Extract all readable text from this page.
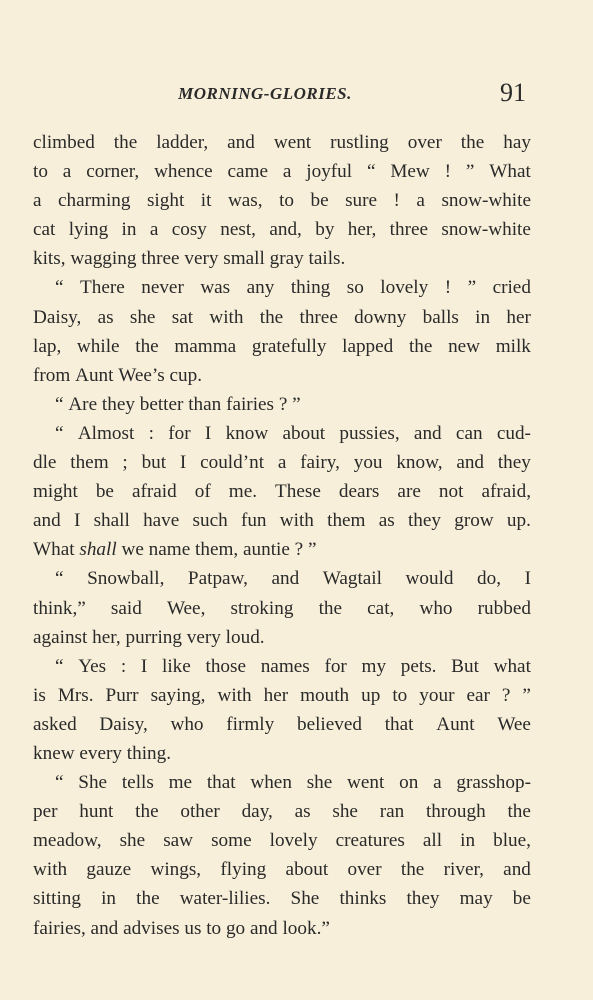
MORNING-GLORIES.	91
climbed the ladder, and went rustling over the hay
to a corner, whence came a joyful “ Mew ! ” What
a charming sight it was, to be sure ! a snow-white
cat lying in a cosy nest, and, by her, three snow-white
kits, wagging three very small gray tails.
“ There never was any thing so lovely ! ” cried
Daisy, as she sat with the three downy balls in her
lap, while the mamma gratefully lapped the new milk
from Aunt Wee’s cup.
“ Are they better than fairies ? ”
“ Almost : for I know about pussies, and can cud-
dle them ; but I could’nt a fairy, you know, and they
might be afraid of me. These dears are not afraid,
and I shall have such fun with them as they grow up.
What shall we name them, auntie ? ”
“ Snowball, Patpaw, and Wagtail would do, I
think,” said Wee, stroking the cat, who rubbed
against her, purring very loud.
“ Yes : I like those names for my pets. But what
is Mrs. Purr saying, with her mouth up to your ear ? ”
asked Daisy, who firmly believed that Aunt Wee
knew every thing.
“ She tells me that when she went on a grasshop-
per hunt the other day, as she ran through the
meadow, she saw some lovely creatures all in blue,
with gauze wings, flying about over the river, and
sitting in the water-lilies. She thinks they may be
fairies, and advises us to go and look.”
